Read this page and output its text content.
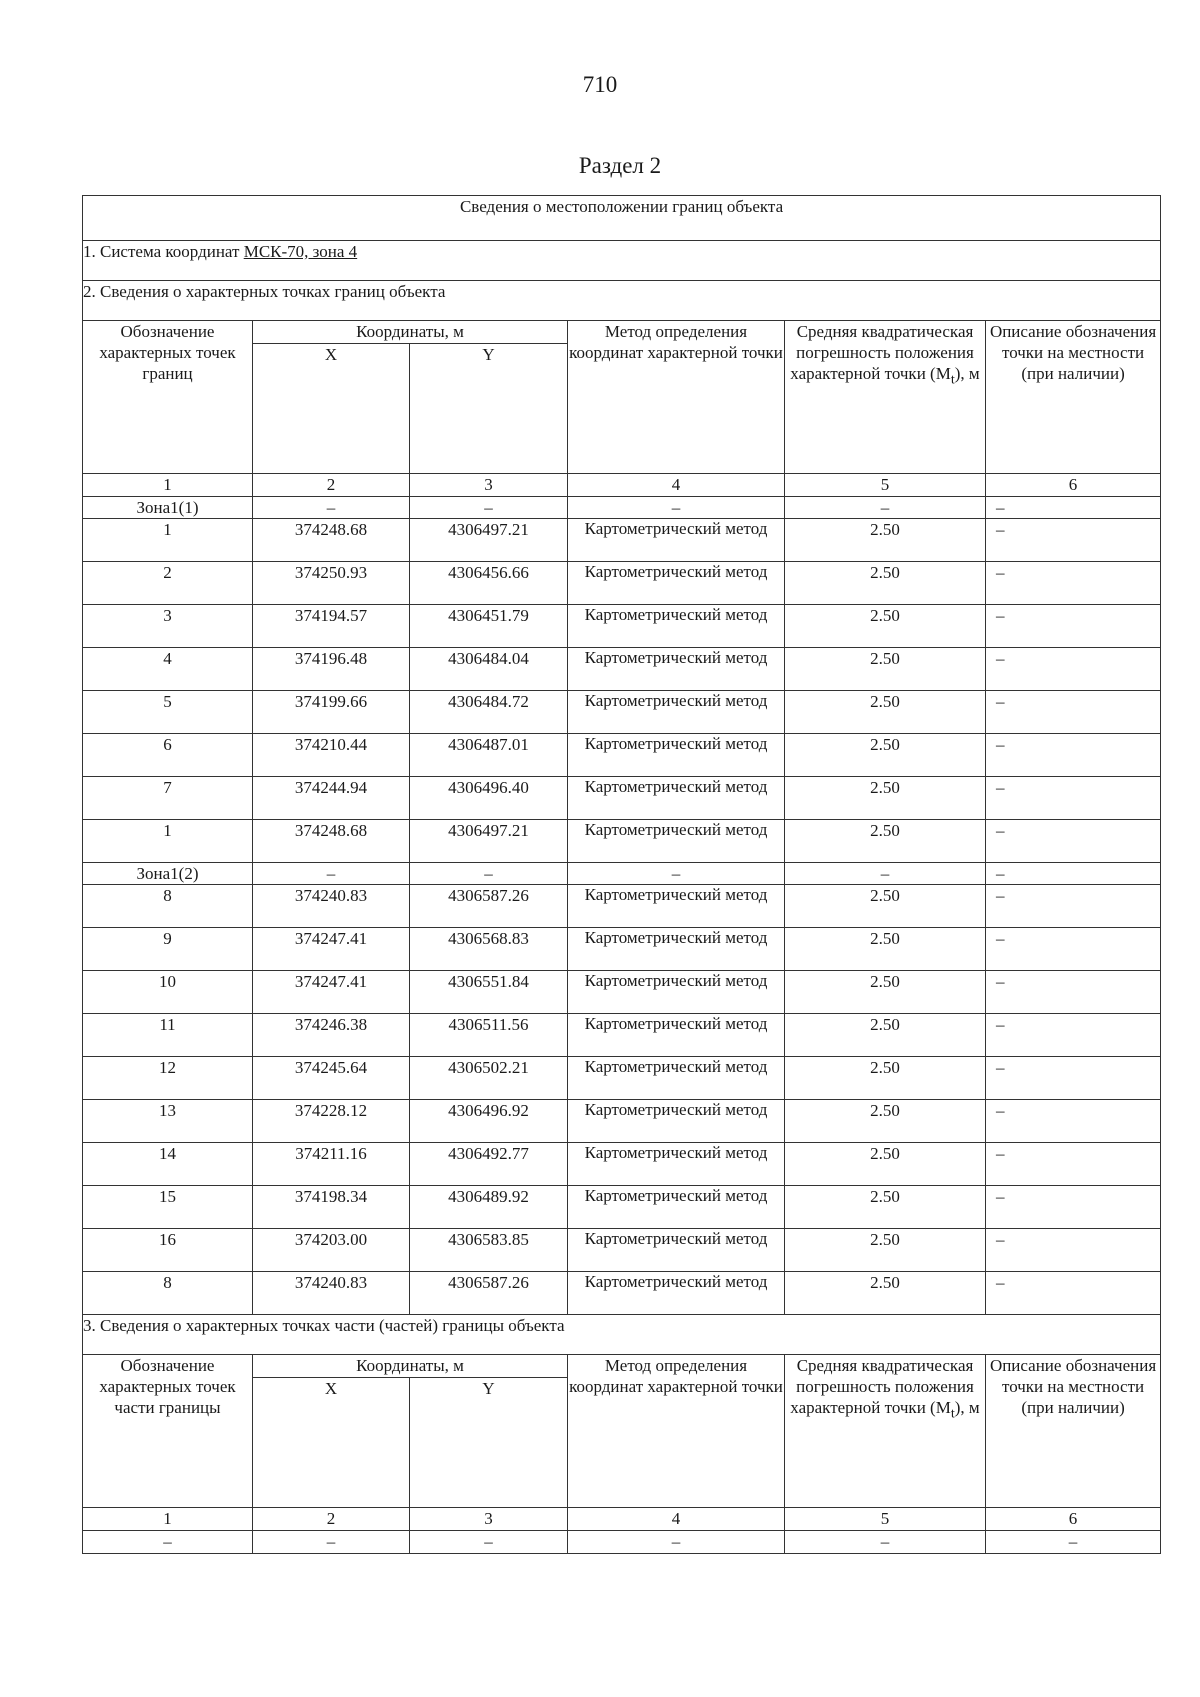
710
Раздел 2
Сведения о местоположении границ объекта					
1. Система координат МСК-70, зона 4					
2. Сведения о характерных точках границ объекта					
Обозначение характерных точек границ	Координаты, м		Метод определения координат характерной точки	Средняя квадратическая погрешность положения характерной точки $(M_t)$, м	Описание обозначения точки на местности (при наличии)
	X	Y			
1	2	3	4	5	6
Зона1(1)	–	–	–	–	–
1	374248.68	4306497.21	Картометрический метод	2.50	–
2	374250.93	4306456.66	Картометрический метод	2.50	–
3	374194.57	4306451.79	Картометрический метод	2.50	–
4	374196.48	4306484.04	Картометрический метод	2.50	–
5	374199.66	4306484.72	Картометрический метод	2.50	–
6	374210.44	4306487.01	Картометрический метод	2.50	–
7	374244.94	4306496.40	Картометрический метод	2.50	–
1	374248.68	4306497.21	Картометрический метод	2.50	–
Зона1(2)	–	–	–	–	–
8	374240.83	4306587.26	Картометрический метод	2.50	–
9	374247.41	4306568.83	Картометрический метод	2.50	–
10	374247.41	4306551.84	Картометрический метод	2.50	–
11	374246.38	4306511.56	Картометрический метод	2.50	–
12	374245.64	4306502.21	Картометрический метод	2.50	–
13	374228.12	4306496.92	Картометрический метод	2.50	–
14	374211.16	4306492.77	Картометрический метод	2.50	–
15	374198.34	4306489.92	Картометрический метод	2.50	–
16	374203.00	4306583.85	Картометрический метод	2.50	–
8	374240.83	4306587.26	Картометрический метод	2.50	–
3. Сведения о характерных точках части (частей) границы объекта					
Обозначение характерных точек части границы	Координаты, м		Метод определения координат характерной точки	Средняя квадратическая погрешность положения характерной точки $(M_t)$, м	Описание обозначения точки на местности (при наличии)
	X	Y			
1	2	3	4	5	6
–	–	–	–	–	–
